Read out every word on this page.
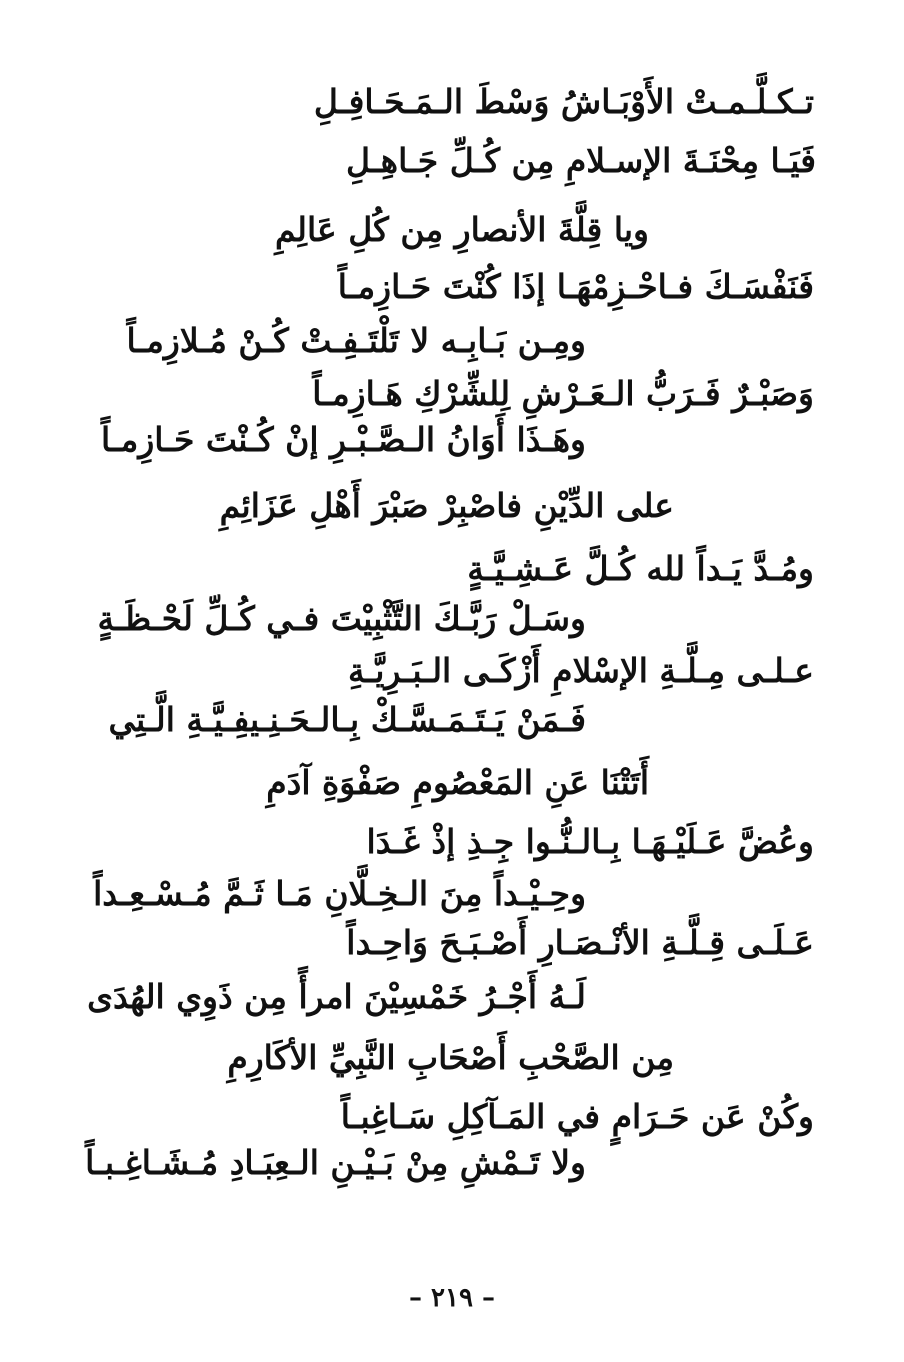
تـكـلَّـمـتْ الأَوْبَـاشُ وَسْطَ الـمَـحَـافِـلِ
فَيَـا مِحْنَـةَ الإسـلامِ مِن كُـلِّ جَـاهِـلِ
ويا قِلَّةَ الأنصارِ مِن كُلِ عَالِمِ
فَنَفْسَـكَ فـاحْـزِمْهَـا إذَا كُنْتَ حَـازِمـاً
ومِـن بَـابِـه لا تَلْتَـفِـتْ كُـنْ مُـلازِمـاً
وَصَبْـرٌ فَـرَبُّ الـعَـرْشِ لِلشِّرْكِ هَـازِمـاً
وهَـذَا أَوَانُ الـصَّـبْـرِ إنْ كُـنْتَ حَـازِمـاً
على الدِّيْنِ فاصْبِرْ صَبْرَ أَهْلِ عَزَائِمِ
ومُـدَّ يَـداً لله كُـلَّ عَـشِـيَّـةٍ
وسَـلْ رَبَّـكَ التَّثْبِيْتَ فـي كُـلِّ لَحْـظَـةٍ
عـلـى مِـلَّـةِ الإسْلامِ أَزْكَـى الـبَـرِيَّـةِ
فَـمَنْ يَـتَـمَـسَّـكْ بِـالـحَـنِـيفِـيَّـةِ الَّـتِي
أَتَتْنَا عَنِ المَعْصُومِ صَفْوَةِ آدَمِ
وعُضَّ عَـلَيْـهَـا بِـالـنُّـوا جِـذِ إذْ غَـدَا
وحِـيْـداً مِنَ الـخِـلَّانِ مَـا ثَـمَّ مُـسْـعِـداً
عَـلَـى قِـلَّـةِ الأنْـصَـارِ أَصْـبَـحَ وَاحِـداً
لَـهُ أَجْـرُ خَمْسِيْنَ امرأً مِن ذَوِي الهُدَى
مِن الصَّحْبِ أَصْحَابِ النَّبِيِّ الأكَارِمِ
وكُنْ عَن حَـرَامٍ في المَـآكِلِ سَـاغِبـاً
ولا تَـمْشِ مِنْ بَـيْـنِ الـعِبَـادِ مُـشَـاغِـبـاً
– ٢١٩ –
